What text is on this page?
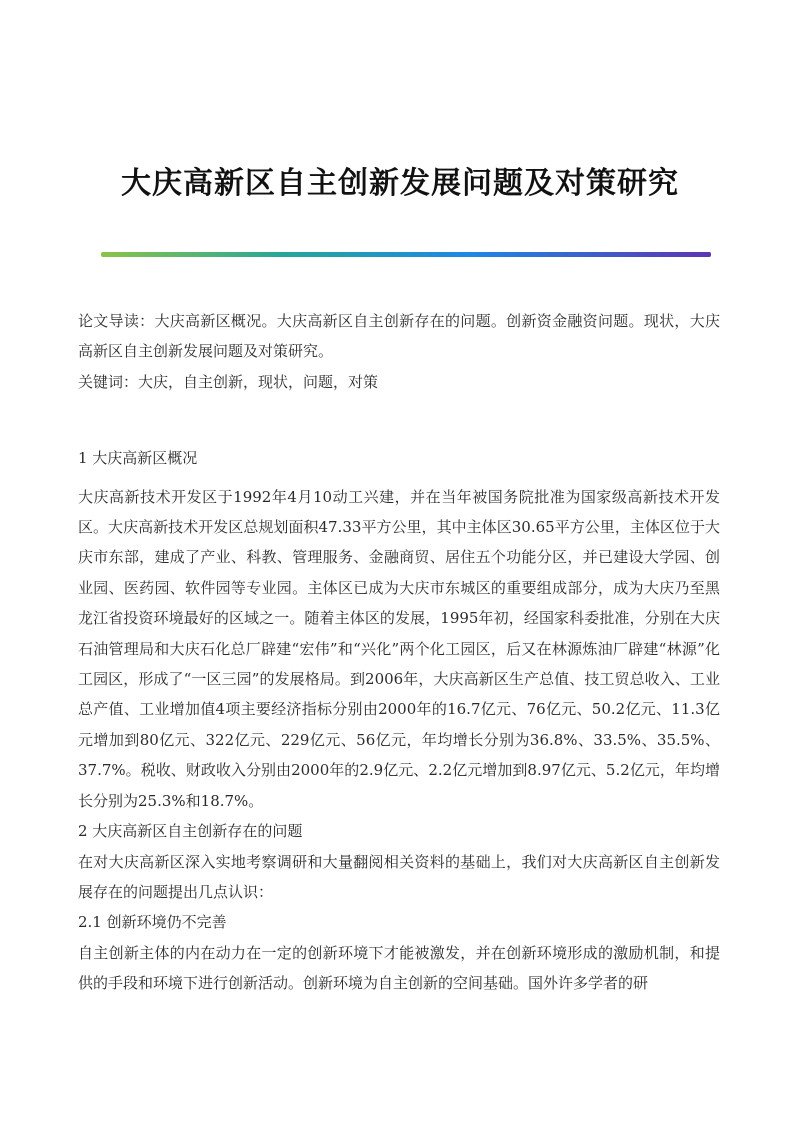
大庆高新区自主创新发展问题及对策研究

论文导读：大庆高新区概况。大庆高新区自主创新存在的问题。创新资金融资问题。现状，大庆高新区自主创新发展问题及对策研究。

关键词：大庆，自主创新，现状，问题，对策

1 大庆高新区概况

大庆高新技术开发区于1992年4月10动工兴建，并在当年被国务院批准为国家级高新技术开发区。大庆高新技术开发区总规划面积47.33平方公里，其中主体区30.65平方公里，主体区位于大庆市东部，建成了产业、科教、管理服务、金融商贸、居住五个功能分区，并已建设大学园、创业园、医药园、软件园等专业园。主体区已成为大庆市东城区的重要组成部分，成为大庆乃至黑龙江省投资环境最好的区域之一。随着主体区的发展，1995年初，经国家科委批准，分别在大庆石油管理局和大庆石化总厂辟建“宏伟”和“兴化”两个化工园区，后又在林源炼油厂辟建“林源”化工园区，形成了“一区三园”的发展格局。到2006年，大庆高新区生产总值、技工贸总收入、工业总产值、工业增加值4项主要经济指标分别由2000年的16.7亿元、76亿元、50.2亿元、11.3亿元增加到80亿元、322亿元、229亿元、56亿元，年均增长分别为36.8%、33.5%、35.5%、37.7%。税收、财政收入分别由2000年的2.9亿元、2.2亿元增加到8.97亿元、5.2亿元，年均增长分别为25.3%和18.7%。

2 大庆高新区自主创新存在的问题

在对大庆高新区深入实地考察调研和大量翻阅相关资料的基础上，我们对大庆高新区自主创新发展存在的问题提出几点认识：

2.1 创新环境仍不完善

自主创新主体的内在动力在一定的创新环境下才能被激发，并在创新环境形成的激励机制，和提供的手段和环境下进行创新活动。创新环境为自主创新的空间基础。国外许多学者的研
